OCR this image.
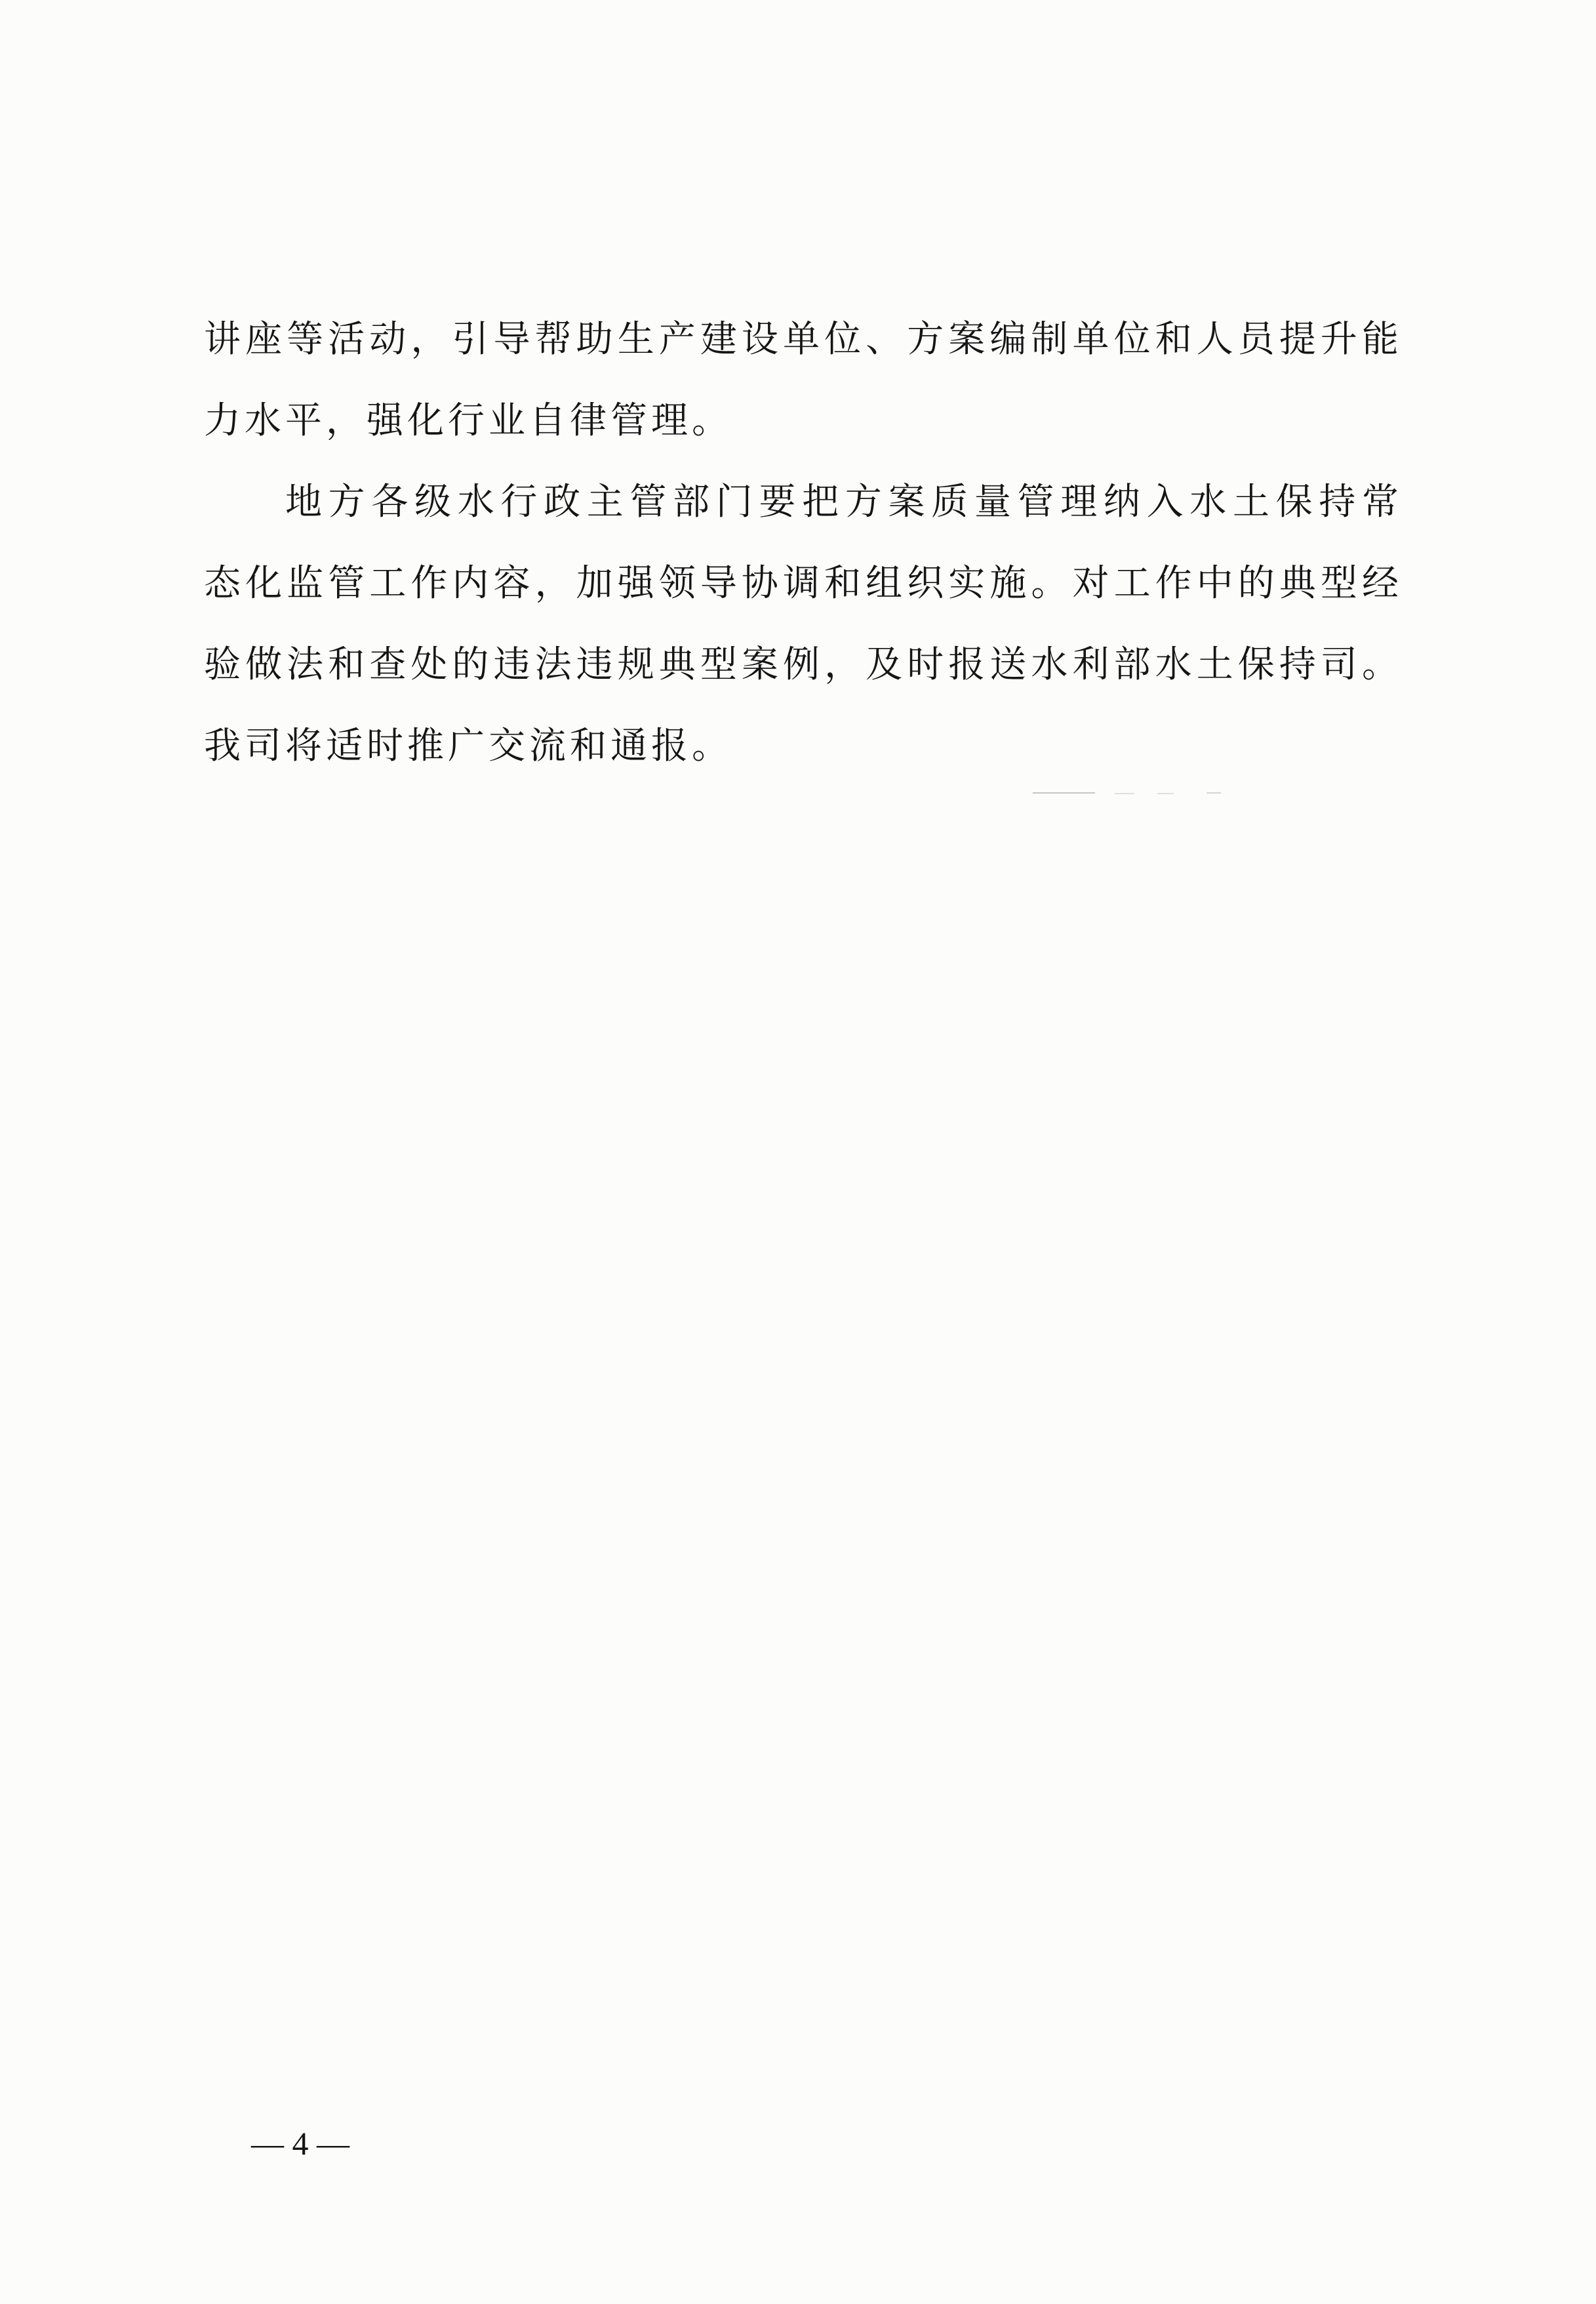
讲座等活动，引导帮助生产建设单位、方案编制单位和人员提升能
力水平，强化行业自律管理。
地方各级水行政主管部门要把方案质量管理纳入水土保持常
态化监管工作内容，加强领导协调和组织实施。对工作中的典型经
验做法和查处的违法违规典型案例，及时报送水利部水土保持司。
我司将适时推广交流和通报。
— 4 —
